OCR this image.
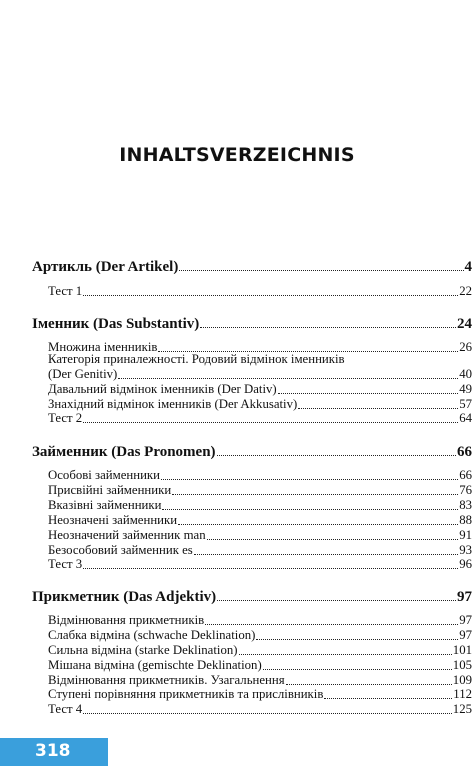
INHALTSVERZEICHNIS
Артикль (Der Artikel)	4
Тест 1	22
Іменник (Das Substantiv)	24
Множина іменників	26
Категорія приналежності. Родовий відмінок іменників
(Der Genitiv)	40
Давальний відмінок іменників (Der Dativ)	49
Знахідний відмінок іменників (Der Akkusativ)	57
Тест 2	64
Займенник (Das Pronomen)	66
Особові займенники	66
Присвійні займенники	76
Вказівні займенники	83
Неозначені займенники	88
Неозначений займенник man	91
Безособовий займенник es	93
Тест 3	96
Прикметник (Das Adjektiv)	97
Відмінювання прикметників	97
Слабка відміна (schwache Deklination)	97
Сильна відміна (starke Deklination)	101
Мішана відміна (gemischte Deklination)	105
Відмінювання прикметників. Узагальнення	109
Ступені порівняння прикметників та прислівників	112
Тест 4	125
318
